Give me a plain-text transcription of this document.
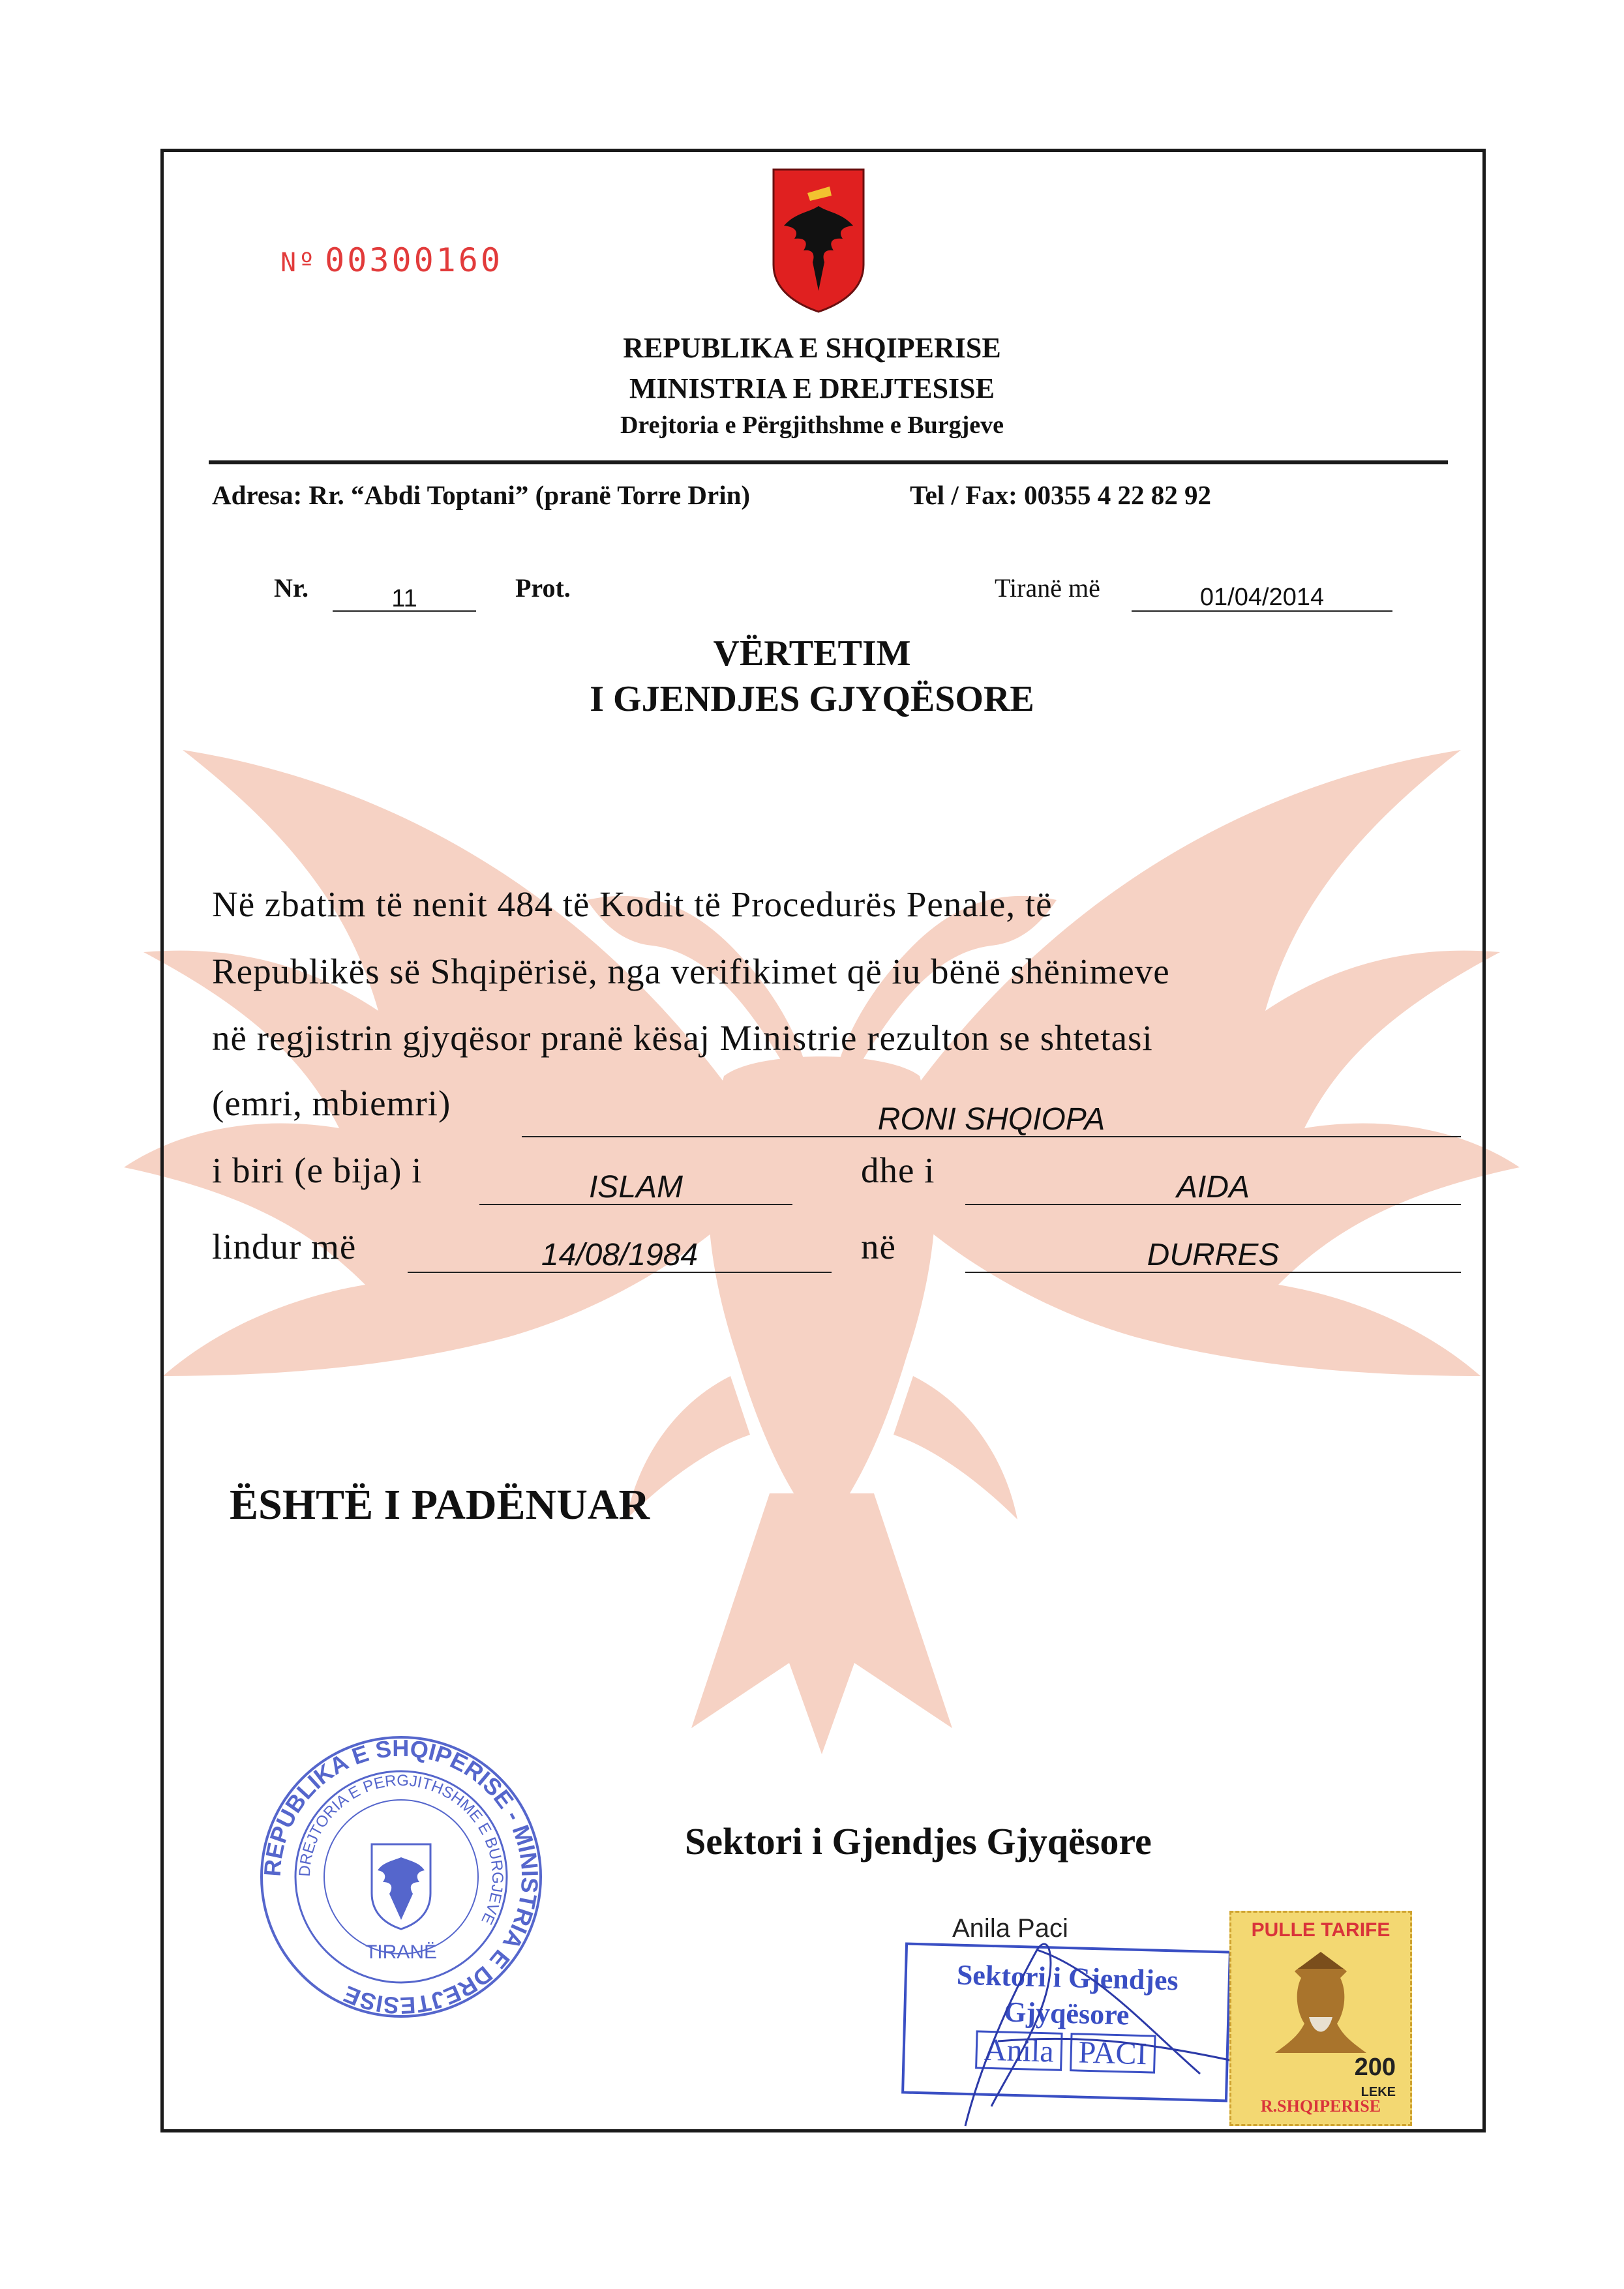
Nº 00300160
REPUBLIKA E SHQIPERISE
MINISTRIA E DREJTESISE
Drejtoria e Përgjithshme e Burgjeve
Adresa: Rr. “Abdi Toptani” (pranë Torre Drin)	Tel / Fax: 00355 4 22 82 92
Nr.	11	Prot.	Tiranë më	01/04/2014
VËRTETIM
I GJENDJES GJYQËSORE
Në zbatim të nenit 484 të Kodit të Procedurës Penale, të
Republikës së Shqipërisë, nga verifikimet që iu bënë shënimeve
në regjistrin gjyqësor pranë kësaj Ministrie rezulton se shtetasi
(emri, mbiemri)	RONI SHQIOPA
i biri (e bija) i	ISLAM	dhe i	AIDA
lindur më	14/08/1984	në	DURRES
ËSHTË I PADËNUAR
REPUBLIKA E SHQIPERISE - MINISTRIA E DREJTESISE
DREJTORIA E PERGJITHSHME E BURGJEVE
TIRANË
Sektori i Gjendjes Gjyqësore
Anila Paci
Sektori i Gjendjes
Gjyqësore
Anila PACI
PULLE TARIFE
200
LEKE
R.SHQIPERISE
